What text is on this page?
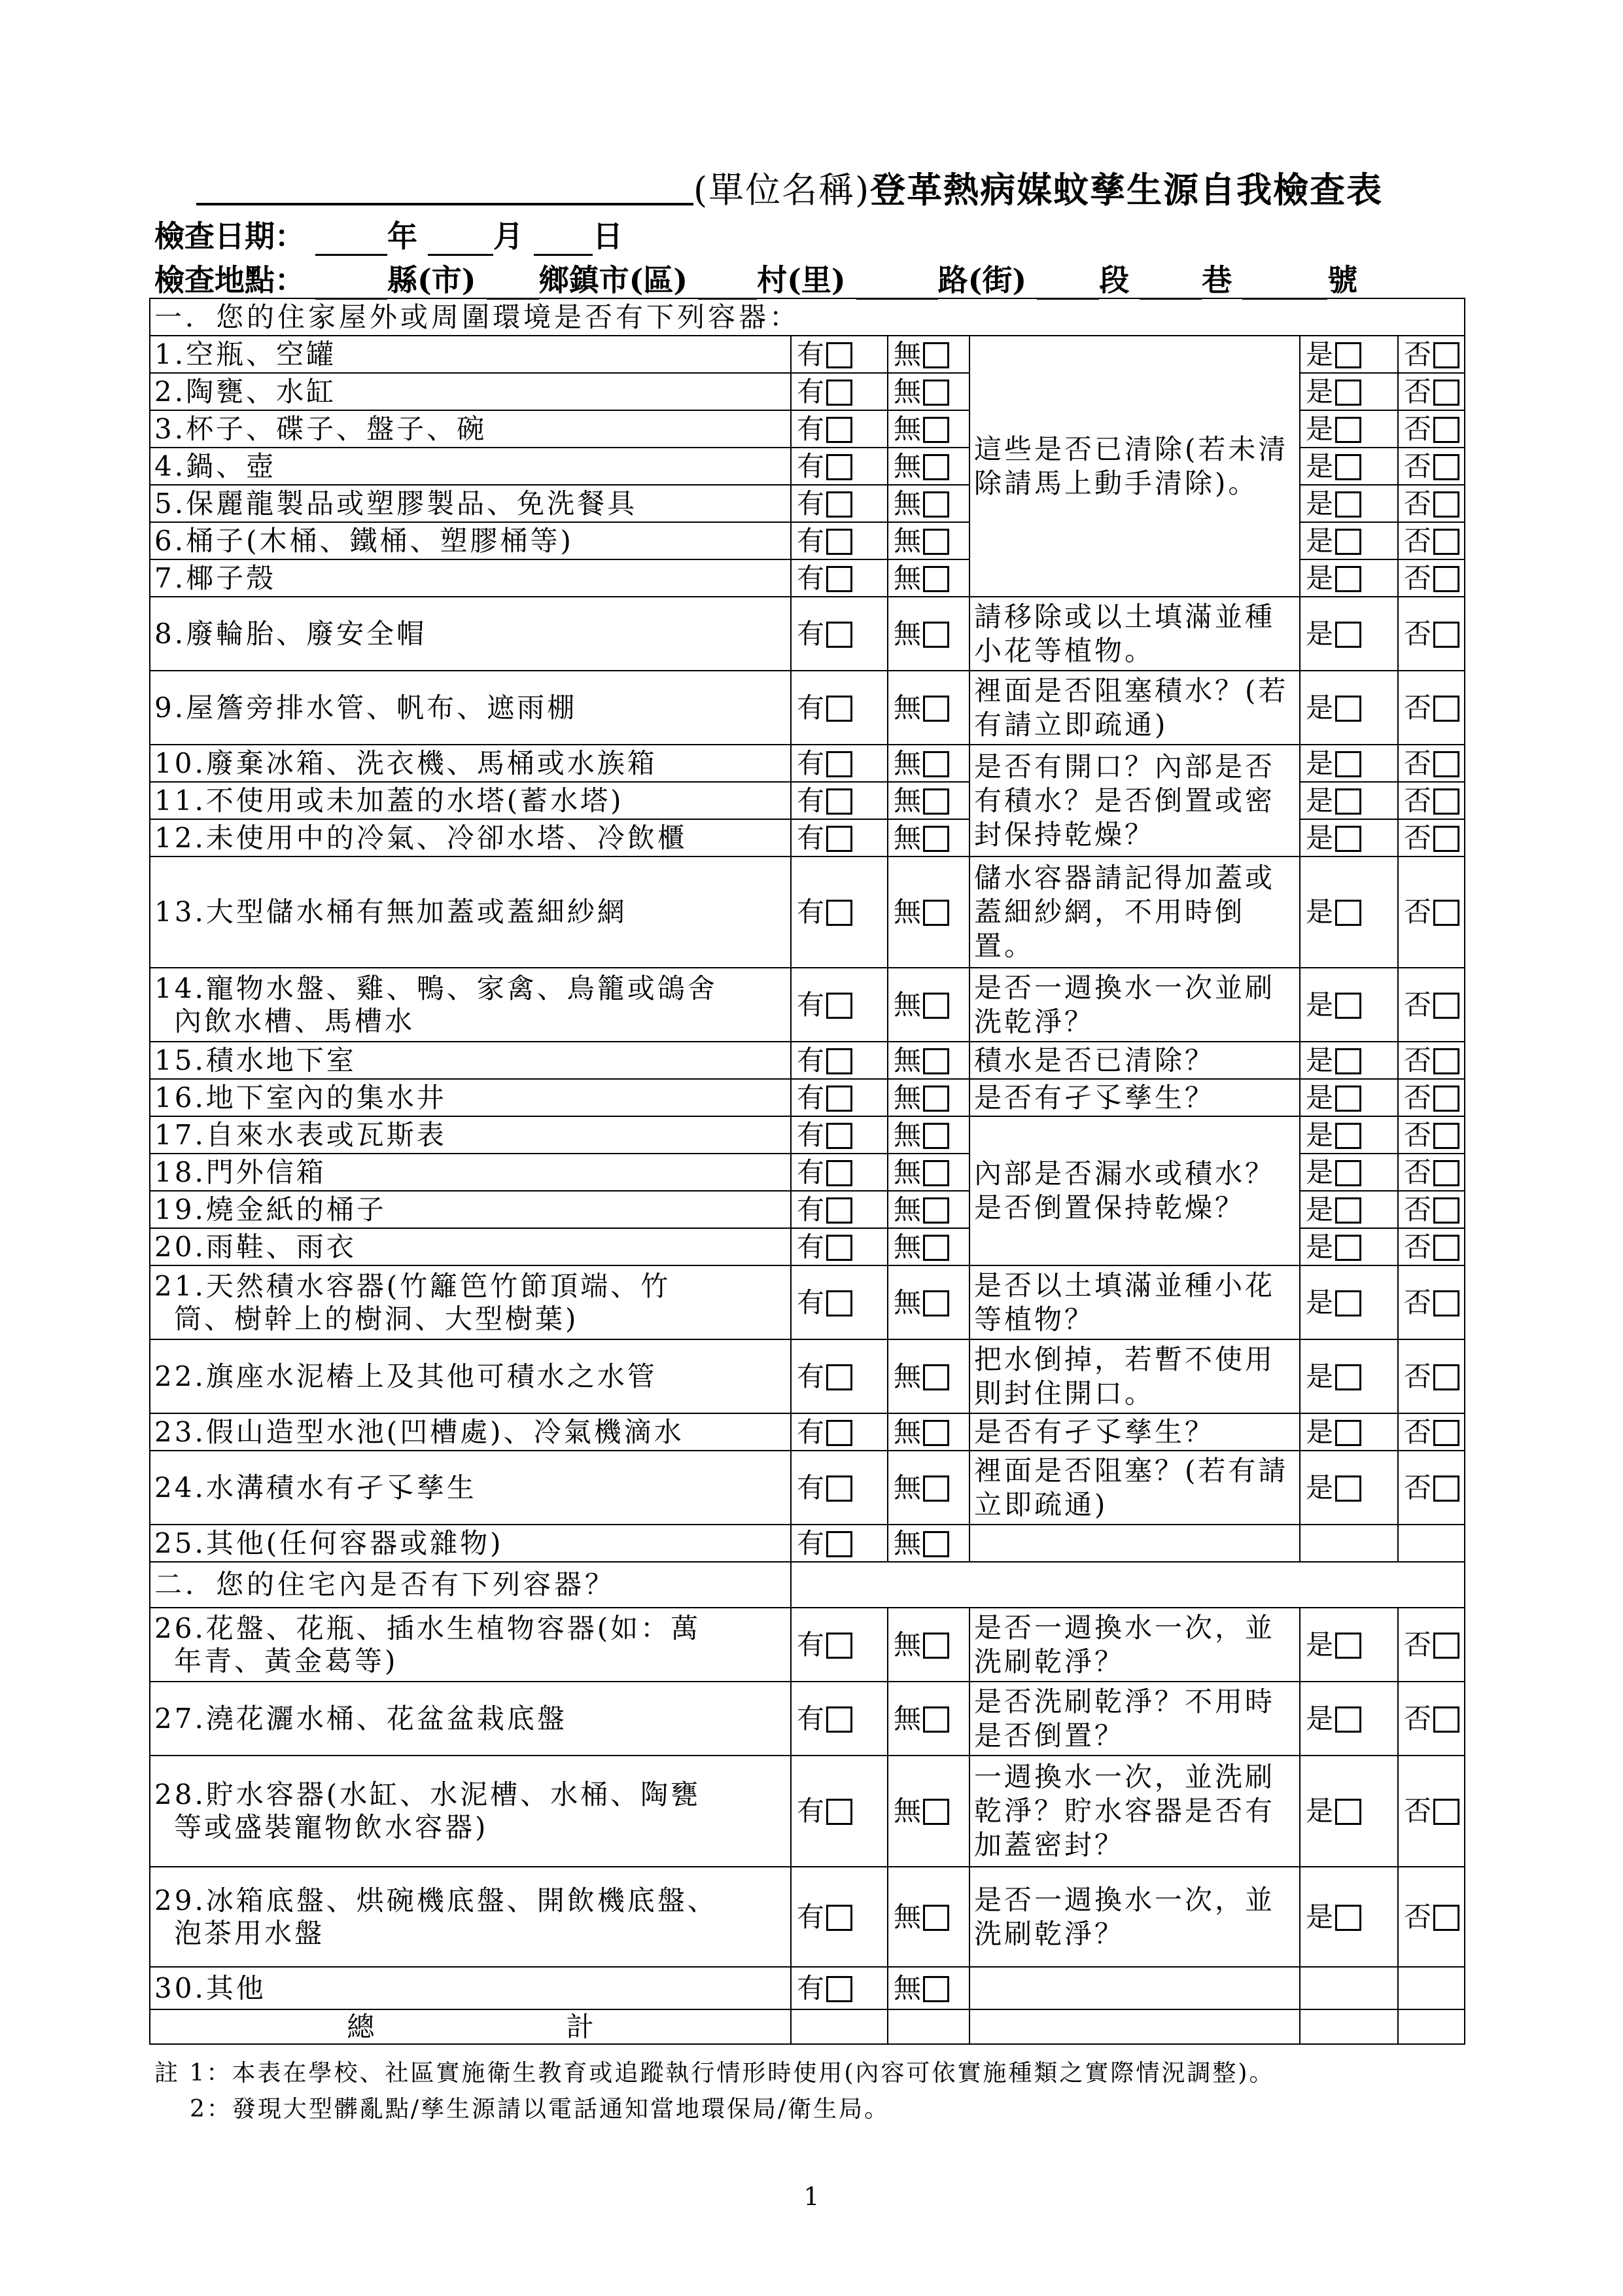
(單位名稱)登革熱病媒蚊孳生源自我檢查表
檢查日期：	年	月 日
檢查地點：	縣(市) 鄉鎮市(區) 村(里)	路(街) 段 巷	號
一．您的住家屋外或周圍環境是否有下列容器：					
1.空瓶、空罐	有	無	這些是否已清除(若未清除請馬上動手清除)。	是	否
2.陶甕、水缸	有	無		是	否
3.杯子、碟子、盤子、碗	有	無		是	否
4.鍋、壺	有	無		是	否
5.保麗龍製品或塑膠製品、免洗餐具	有	無		是	否
6.桶子(木桶、鐵桶、塑膠桶等)	有	無		是	否
7.椰子殼	有	無		是	否
8.廢輪胎、廢安全帽	有	無	請移除或以土填滿並種小花等植物。	是	否
9.屋簷旁排水管、帆布、遮雨棚	有	無	裡面是否阻塞積水？(若有請立即疏通)	是	否
10.廢棄冰箱、洗衣機、馬桶或水族箱	有	無	是否有開口？內部是否有積水？是否倒置或密封保持乾燥？	是	否
11.不使用或未加蓋的水塔(蓄水塔)	有	無		是	否
12.未使用中的冷氣、冷卻水塔、冷飲櫃	有	無		是	否
13.大型儲水桶有無加蓋或蓋細紗網	有	無	儲水容器請記得加蓋或蓋細紗網，不用時倒置。	是	否
14.寵物水盤、雞、鴨、家禽、鳥籠或鴿舍
內飲水槽、馬槽水	有	無	是否一週換水一次並刷洗乾淨？	是	否
15.積水地下室	有	無	積水是否已清除？	是	否
16.地下室內的集水井	有	無	是否有孑孓孳生？	是	否
17.自來水表或瓦斯表	有	無	內部是否漏水或積水？是否倒置保持乾燥？	是	否
18.門外信箱	有	無		是	否
19.燒金紙的桶子	有	無		是	否
20.雨鞋、雨衣	有	無		是	否
21.天然積水容器(竹籬笆竹節頂端、竹
筒、樹幹上的樹洞、大型樹葉)	有	無	是否以土填滿並種小花等植物？	是	否
22.旗座水泥樁上及其他可積水之水管	有	無	把水倒掉，若暫不使用則封住開口。	是	否
23.假山造型水池(凹槽處)、冷氣機滴水	有	無	是否有孑孓孳生？	是	否
24.水溝積水有孑孓孳生	有	無	裡面是否阻塞？(若有請立即疏通)	是	否
25.其他(任何容器或雜物)	有	無			
二．您的住宅內是否有下列容器？					
26.花盤、花瓶、插水生植物容器(如：萬
年青、黃金葛等)	有	無	是否一週換水一次，並洗刷乾淨？	是	否
27.澆花灑水桶、花盆盆栽底盤	有	無	是否洗刷乾淨？不用時是否倒置？	是	否
28.貯水容器(水缸、水泥槽、水桶、陶甕
等或盛裝寵物飲水容器)	有	無	一週換水一次，並洗刷乾淨？貯水容器是否有加蓋密封？	是	否
29.冰箱底盤、烘碗機底盤、開飲機底盤、
泡茶用水盤	有	無	是否一週換水一次，並洗刷乾淨？	是	否
30.其他	有	無			
總 計					
註 1：本表在學校、社區實施衛生教育或追蹤執行情形時使用(內容可依實施種類之實際情況調整)。
2：發現大型髒亂點/孳生源請以電話通知當地環保局/衛生局。
1
